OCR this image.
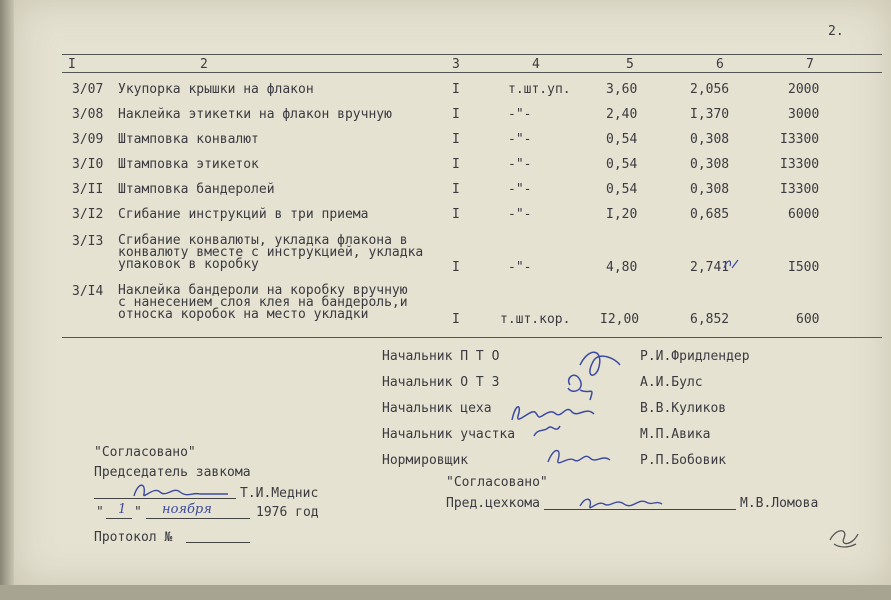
2.
I	2	3	4	5	6	7
3/07 Укупорка крышки на флакон	I	т.шт.уп.	3,60	2,056	2000
3/08 Наклейка этикетки на флакон вручную	I	-"-	2,40	I,370	3000
3/09 Штамповка конвалют	I	-"-	0,54	0,308	I3300
3/I0 Штамповка этикеток	I	-"-	0,54	0,308	I3300
3/II Штамповка бандеролей	I	-"-	0,54	0,308	I3300
3/I2 Сгибание инструкций в три приема	I	-"-	I,20	0,685	6000
3/I3 Сгибание конвалюты, укладка флакона в
конвалюту вместе с инструкцией, укладка
упаковок в коробку	I	-"-	4,80	2,741	I500
3/I4 Наклейка бандероли на коробку вручную
с нанесением слоя клея на бандероль,и
относка коробок на место укладки	I	т.шт.кор. I2,00	6,852	600
Начальник П Т О	Р.И.Фридлендер
Начальник О Т З	А.И.Булс
Начальник цеха	В.В.Куликов
Начальник участка	М.П.Авика
Нормировщик	Р.П.Бобовик
"Согласовано"
Председатель завкома
Т.И.Меднис
" 1 " ноября	1976 год
Протокол №
"Согласовано"
Пред.цехкома	М.В.Ломова
